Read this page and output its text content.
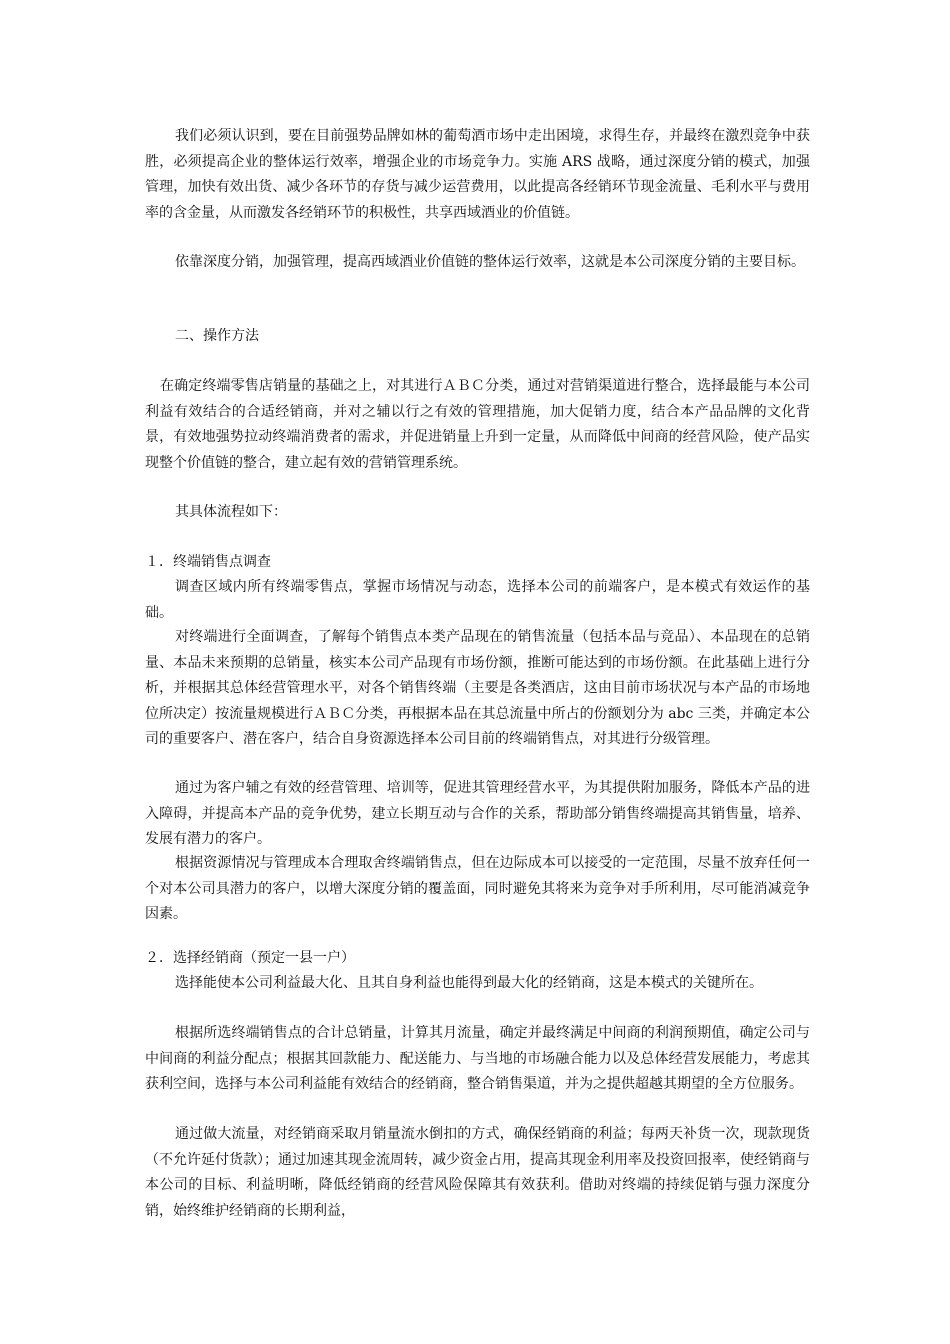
我们必须认识到，要在目前强势品牌如林的葡萄酒市场中走出困境，求得生存，并最终在激烈竞争中获胜，必须提高企业的整体运行效率，增强企业的市场竞争力。实施 ARS 战略，通过深度分销的模式，加强管理，加快有效出货、减少各环节的存货与减少运营费用，以此提高各经销环节现金流量、毛利水平与费用率的含金量，从而激发各经销环节的积极性，共享西域酒业的价值链。

依靠深度分销，加强管理，提高西域酒业价值链的整体运行效率，这就是本公司深度分销的主要目标。

二、操作方法

在确定终端零售店销量的基础之上，对其进行ＡＢＣ分类，通过对营销渠道进行整合，选择最能与本公司利益有效结合的合适经销商，并对之辅以行之有效的管理措施，加大促销力度，结合本产品品牌的文化背景，有效地强势拉动终端消费者的需求，并促进销量上升到一定量，从而降低中间商的经营风险，使产品实现整个价值链的整合，建立起有效的营销管理系统。

其具体流程如下：

１．终端销售点调查

调查区域内所有终端零售点，掌握市场情况与动态，选择本公司的前端客户，是本模式有效运作的基础。

对终端进行全面调查，了解每个销售点本类产品现在的销售流量（包括本品与竞品）、本品现在的总销量、本品未来预期的总销量，核实本公司产品现有市场份额，推断可能达到的市场份额。在此基础上进行分析，并根据其总体经营管理水平，对各个销售终端（主要是各类酒店，这由目前市场状况与本产品的市场地位所决定）按流量规模进行ＡＢＣ分类，再根据本品在其总流量中所占的份额划分为 abc 三类，并确定本公司的重要客户、潜在客户，结合自身资源选择本公司目前的终端销售点，对其进行分级管理。

通过为客户辅之有效的经营管理、培训等，促进其管理经营水平，为其提供附加服务，降低本产品的进入障碍，并提高本产品的竞争优势，建立长期互动与合作的关系，帮助部分销售终端提高其销售量，培养、发展有潜力的客户。

根据资源情况与管理成本合理取舍终端销售点，但在边际成本可以接受的一定范围，尽量不放弃任何一个对本公司具潜力的客户，以增大深度分销的覆盖面，同时避免其将来为竞争对手所利用，尽可能消减竞争因素。

２．选择经销商（预定一县一户）

选择能使本公司利益最大化、且其自身利益也能得到最大化的经销商，这是本模式的关键所在。

根据所选终端销售点的合计总销量，计算其月流量，确定并最终满足中间商的利润预期值，确定公司与中间商的利益分配点；根据其回款能力、配送能力、与当地的市场融合能力以及总体经营发展能力，考虑其获利空间，选择与本公司利益能有效结合的经销商，整合销售渠道，并为之提供超越其期望的全方位服务。

通过做大流量，对经销商采取月销量流水倒扣的方式，确保经销商的利益；每两天补货一次，现款现货（不允许延付货款）；通过加速其现金流周转，减少资金占用，提高其现金利用率及投资回报率，使经销商与本公司的目标、利益明晰，降低经销商的经营风险保障其有效获利。借助对终端的持续促销与强力深度分销，始终维护经销商的长期利益，
